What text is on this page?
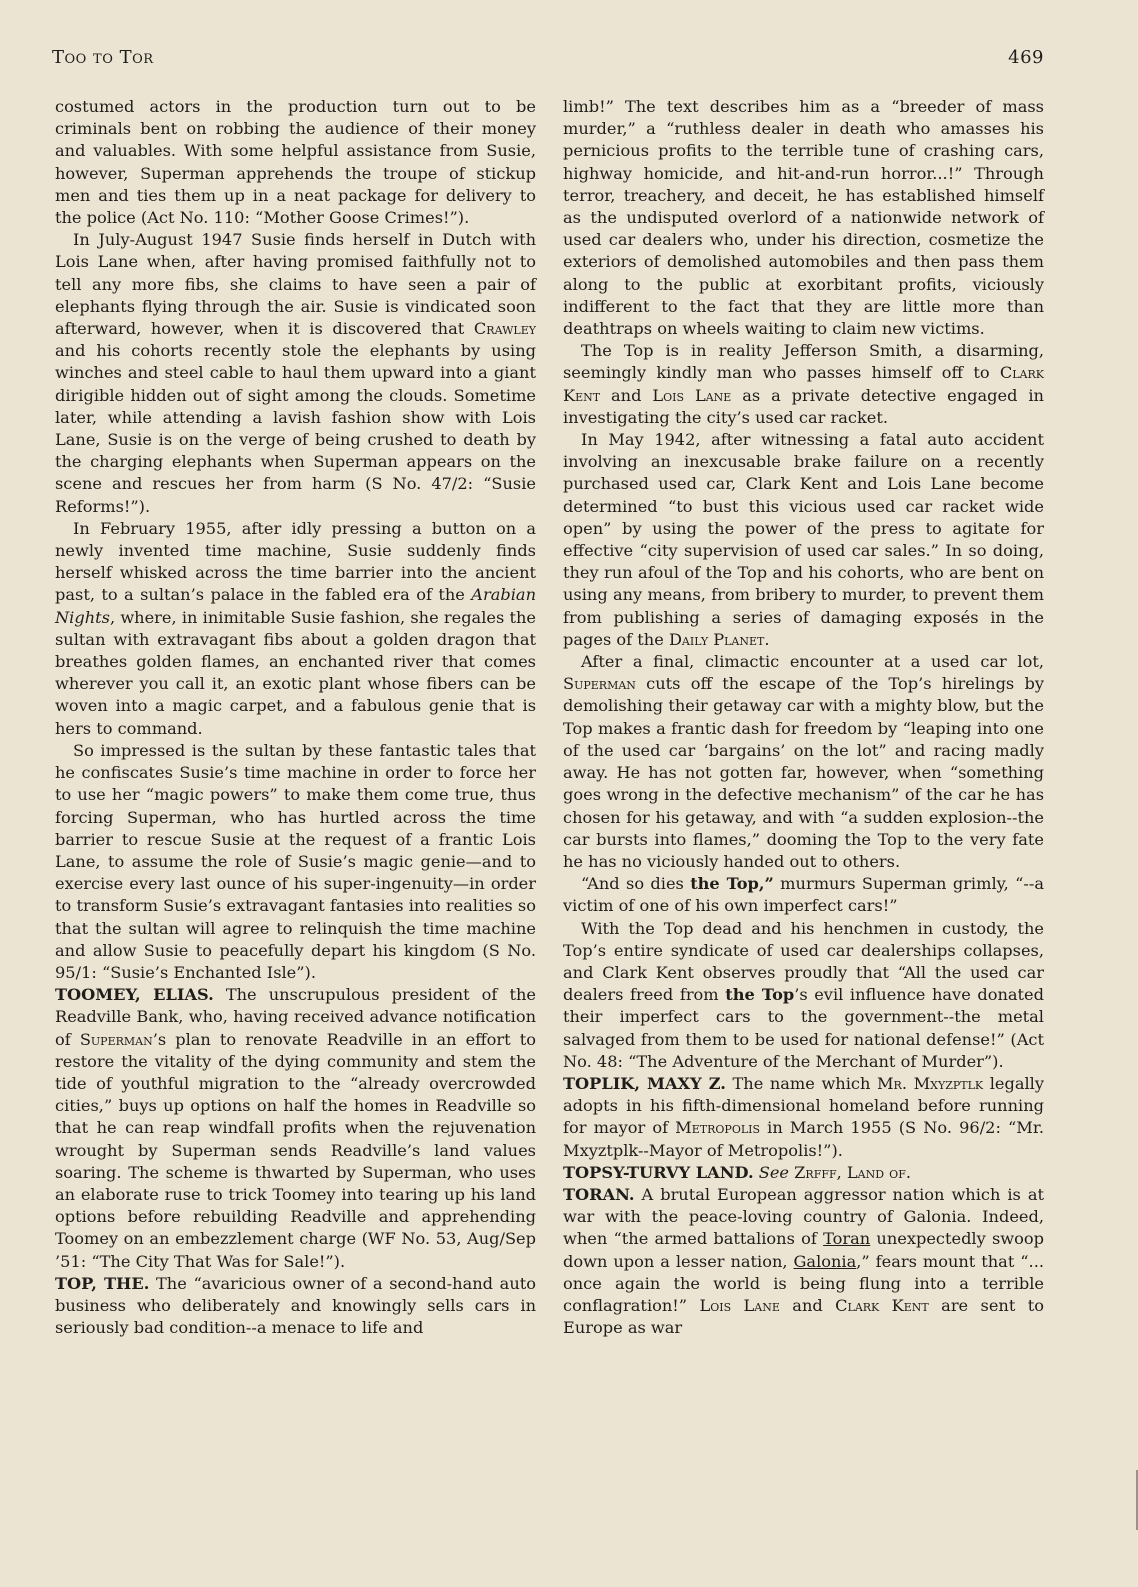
Too to Tor	469

costumed actors in the production turn out to be criminals bent on robbing the audience of their money and valuables. With some helpful assistance from Susie, however, Superman apprehends the troupe of stickup men and ties them up in a neat package for delivery to the police (Act No. 110: “Mother Goose Crimes!”).

In July-August 1947 Susie finds herself in Dutch with Lois Lane when, after having promised faithfully not to tell any more fibs, she claims to have seen a pair of elephants flying through the air. Susie is vindicated soon afterward, however, when it is discovered that Crawley and his cohorts recently stole the elephants by using winches and steel cable to haul them upward into a giant dirigible hidden out of sight among the clouds. Sometime later, while attending a lavish fashion show with Lois Lane, Susie is on the verge of being crushed to death by the charging elephants when Superman appears on the scene and rescues her from harm (S No. 47/2: “Susie Reforms!”).

In February 1955, after idly pressing a button on a newly invented time machine, Susie suddenly finds herself whisked across the time barrier into the ancient past, to a sultan’s palace in the fabled era of the Arabian Nights, where, in inimitable Susie fashion, she regales the sultan with extravagant fibs about a golden dragon that breathes golden flames, an enchanted river that comes wherever you call it, an exotic plant whose fibers can be woven into a magic carpet, and a fabulous genie that is hers to command.

So impressed is the sultan by these fantastic tales that he confiscates Susie’s time machine in order to force her to use her “magic powers” to make them come true, thus forcing Superman, who has hurtled across the time barrier to rescue Susie at the request of a frantic Lois Lane, to assume the role of Susie’s magic genie—and to exercise every last ounce of his super-ingenuity—in order to transform Susie’s extravagant fantasies into realities so that the sultan will agree to relinquish the time machine and allow Susie to peacefully depart his kingdom (S No. 95/1: “Susie’s Enchanted Isle”).

TOOMEY, ELIAS. The unscrupulous president of the Readville Bank, who, having received advance notification of Superman’s plan to renovate Readville in an effort to restore the vitality of the dying community and stem the tide of youthful migration to the “already overcrowded cities,” buys up options on half the homes in Readville so that he can reap windfall profits when the rejuvenation wrought by Superman sends Readville’s land values soaring. The scheme is thwarted by Superman, who uses an elaborate ruse to trick Toomey into tearing up his land options before rebuilding Readville and apprehending Toomey on an embezzlement charge (WF No. 53, Aug/Sep ’51: “The City That Was for Sale!”).

TOP, THE. The “avaricious owner of a second-hand auto business who deliberately and knowingly sells cars in seriously bad condition--a menace to life and

limb!” The text describes him as a “breeder of mass murder,” a “ruthless dealer in death who amasses his pernicious profits to the terrible tune of crashing cars, highway homicide, and hit-and-run horror...!” Through terror, treachery, and deceit, he has established himself as the undisputed overlord of a nationwide network of used car dealers who, under his direction, cosmetize the exteriors of demolished automobiles and then pass them along to the public at exorbitant profits, viciously indifferent to the fact that they are little more than deathtraps on wheels waiting to claim new victims.

The Top is in reality Jefferson Smith, a disarming, seemingly kindly man who passes himself off to Clark Kent and Lois Lane as a private detective engaged in investigating the city’s used car racket.

In May 1942, after witnessing a fatal auto accident involving an inexcusable brake failure on a recently purchased used car, Clark Kent and Lois Lane become determined “to bust this vicious used car racket wide open” by using the power of the press to agitate for effective “city supervision of used car sales.” In so doing, they run afoul of the Top and his cohorts, who are bent on using any means, from bribery to murder, to prevent them from publishing a series of damaging exposés in the pages of the Daily Planet.

After a final, climactic encounter at a used car lot, Superman cuts off the escape of the Top’s hirelings by demolishing their getaway car with a mighty blow, but the Top makes a frantic dash for freedom by “leaping into one of the used car ‘bargains’ on the lot” and racing madly away. He has not gotten far, however, when “something goes wrong in the defective mechanism” of the car he has chosen for his getaway, and with “a sudden explosion--the car bursts into flames,” dooming the Top to the very fate he has no viciously handed out to others.

“And so dies the Top,” murmurs Superman grimly, “--a victim of one of his own imperfect cars!”

With the Top dead and his henchmen in custody, the Top’s entire syndicate of used car dealerships collapses, and Clark Kent observes proudly that “All the used car dealers freed from the Top’s evil influence have donated their imperfect cars to the government--the metal salvaged from them to be used for national defense!” (Act No. 48: “The Adventure of the Merchant of Murder”).

TOPLIK, MAXY Z. The name which Mr. Mxyzptlk legally adopts in his fifth-dimensional homeland before running for mayor of Metropolis in March 1955 (S No. 96/2: “Mr. Mxyztplk--Mayor of Metropolis!”).

TOPSY-TURVY LAND. See Zrfff, Land of.

TORAN. A brutal European aggressor nation which is at war with the peace-loving country of Galonia. Indeed, when “the armed battalions of Toran unexpectedly swoop down upon a lesser nation, Galonia,” fears mount that “... once again the world is being flung into a terrible conflagration!” Lois Lane and Clark Kent are sent to Europe as war
